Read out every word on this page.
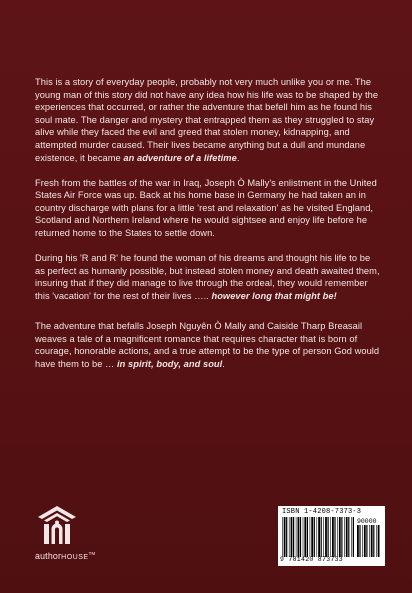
This is a story of everyday people, probably not very much unlike you or me. The young man of this story did not have any idea how his life was to be shaped by the experiences that occurred, or rather the adventure that befell him as he found his soul mate. The danger and mystery that entrapped them as they struggled to stay alive while they faced the evil and greed that stolen money, kidnapping, and attempted murder caused. Their lives became anything but a dull and mundane existence, it became an adventure of a lifetime.

Fresh from the battles of the war in Iraq, Joseph Ò Mally's enlistment in the United States Air Force was up. Back at his home base in Germany he had taken an in country discharge with plans for a little 'rest and relaxation' as he visited England, Scotland and Northern Ireland where he would sightsee and enjoy life before he returned home to the States to settle down.

During his 'R and R' he found the woman of his dreams and thought his life to be as perfect as humanly possible, but instead stolen money and death awaited them, insuring that if they did manage to live through the ordeal, they would remember this 'vacation' for the rest of their lives ….. however long that might be!

The adventure that befalls Joseph Nguyên Ò Mally and Caiside Tharp Breasail weaves a tale of a magnificent romance that requires character that is born of courage, honorable actions, and a true attempt to be the type of person God would have them to be … in spirit, body, and soul.

authorHOUSE™
ISBN 1-4208-7373-3
90000
9 781420 873733
